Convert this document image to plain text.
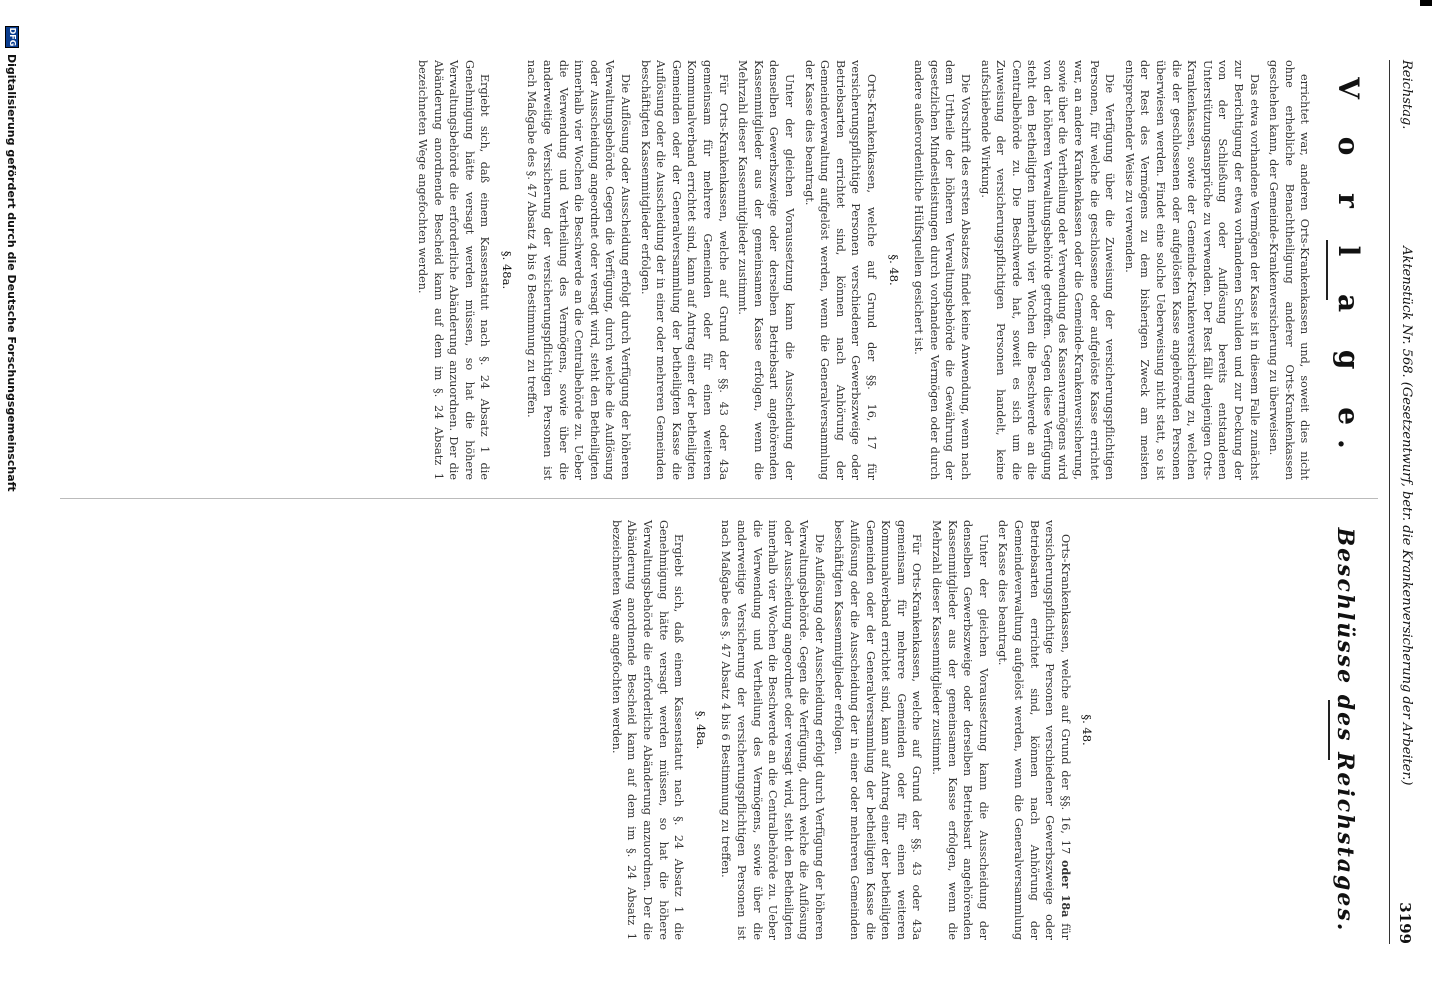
Reichstag.
Aktenstück Nr. 568. (Gesetzentwurf, betr. die Krankenversicherung der Arbeiter.)
3199
V o r l a g e.

errichtet war, anderen Orts-Krankenkassen und, soweit dies nicht ohne erhebliche Benachtheiligung anderer Orts-Krankenkassen geschehen kann, der Gemeinde-Krankenversicherung zu überweisen.

Das etwa vorhandene Vermögen der Kasse ist in diesem Falle zunächst zur Berichtigung der etwa vorhandenen Schulden und zur Deckung der von der Schließung oder Auflösung bereits entstandenen Unterstützungsansprüche zu verwenden. Der Rest fällt denjenigen Orts-Krankenkassen, sowie der Gemeinde-Krankenversicherung zu, welchen die der geschlossenen oder aufgelösten Kasse angehörenden Personen überwiesen werden. Findet eine solche Ueberweisung nicht statt, so ist der Rest des Vermögens zu dem bisherigen Zweck am meisten entsprechender Weise zu verwenden.

Die Verfügung über die Zuweisung der versicherungspflichtigen Personen, für welche die geschlossene oder aufgelöste Kasse errichtet war, an andere Krankenkassen oder die Gemeinde-Krankenversicherung, sowie über die Vertheilung oder Verwendung des Kassenvermögens wird von der höheren Verwaltungsbehörde getroffen. Gegen diese Verfügung steht den Betheiligten innerhalb vier Wochen die Beschwerde an die Centralbehörde zu. Die Beschwerde hat, soweit es sich um die Zuweisung der versicherungspflichtigen Personen handelt, keine aufschiebende Wirkung.

Die Vorschrift des ersten Absatzes findet keine Anwendung, wenn nach dem Urtheile der höheren Verwaltungsbehörde die Gewährung der gesetzlichen Mindestleistungen durch vorhandene Vermögen oder durch andere außerordentliche Hülfsquellen gesichert ist.

§. 48.

Orts-Krankenkassen, welche auf Grund der §§. 16, 17 für versicherungspflichtige Personen verschiedener Gewerbszweige oder Betriebsarten errichtet sind, können nach Anhörung der Gemeindeverwaltung aufgelöst werden, wenn die Generalversammlung der Kasse dies beantragt.

Unter der gleichen Voraussetzung kann die Ausscheidung der denselben Gewerbszweige oder derselben Betriebsart angehörenden Kassenmitglieder aus der gemeinsamen Kasse erfolgen, wenn die Mehrzahl dieser Kassenmitglieder zustimmt.

Für Orts-Krankenkassen, welche auf Grund der §§. 43 oder 43a gemeinsam für mehrere Gemeinden oder für einen weiteren Kommunalverband errichtet sind, kann auf Antrag einer der betheiligten Gemeinden oder der Generalversammlung der betheiligten Kasse die Auflösung oder die Ausscheidung der in einer oder mehreren Gemeinden beschäftigten Kassenmitglieder erfolgen.

Die Auflösung oder Ausscheidung erfolgt durch Verfügung der höheren Verwaltungsbehörde. Gegen die Verfügung, durch welche die Auflösung oder Ausscheidung angeordnet oder versagt wird, steht den Betheiligten innerhalb vier Wochen die Beschwerde an die Centralbehörde zu. Ueber die Verwendung und Vertheilung des Vermögens, sowie über die anderweitige Versicherung der versicherungspflichtigen Personen ist nach Maßgabe des §. 47 Absatz 4 bis 6 Bestimmung zu treffen.

§. 48a.

Ergiebt sich, daß einem Kassenstatut nach §. 24 Absatz 1 die Genehmigung hätte versagt werden müssen, so hat die höhere Verwaltungsbehörde die erforderliche Abänderung anzuordnen. Der die Abänderung anordnende Bescheid kann auf dem im §. 24 Absatz 1 bezeichneten Wege angefochten werden.

Beschlüsse des Reichstages.
§. 48.

Orts-Krankenkassen, welche auf Grund der §§. 16, 17 oder 18a für versicherungspflichtige Personen verschiedener Gewerbszweige oder Betriebsarten errichtet sind, können nach Anhörung der Gemeindeverwaltung aufgelöst werden, wenn die Generalversammlung der Kasse dies beantragt.

Unter der gleichen Voraussetzung kann die Ausscheidung der denselben Gewerbszweige oder derselben Betriebsart angehörenden Kassenmitglieder aus der gemeinsamen Kasse erfolgen, wenn die Mehrzahl dieser Kassenmitglieder zustimmt.

Für Orts-Krankenkassen, welche auf Grund der §§. 43 oder 43a gemeinsam für mehrere Gemeinden oder für einen weiteren Kommunalverband errichtet sind, kann auf Antrag einer der betheiligten Gemeinden oder der Generalversammlung der betheiligten Kasse die Auflösung oder die Ausscheidung der in einer oder mehreren Gemeinden beschäftigten Kassenmitglieder erfolgen.

Die Auflösung oder Ausscheidung erfolgt durch Verfügung der höheren Verwaltungsbehörde. Gegen die Verfügung, durch welche die Auflösung oder Ausscheidung angeordnet oder versagt wird, steht den Betheiligten innerhalb vier Wochen die Beschwerde an die Centralbehörde zu. Ueber die Verwendung und Vertheilung des Vermögens, sowie über die anderweitige Versicherung der versicherungspflichtigen Personen ist nach Maßgabe des §. 47 Absatz 4 bis 6 Bestimmung zu treffen.

§. 48a.

Ergiebt sich, daß einem Kassenstatut nach §. 24 Absatz 1 die Genehmigung hätte versagt werden müssen, so hat die höhere Verwaltungsbehörde die erforderliche Abänderung anzuordnen. Der die Abänderung anordnende Bescheid kann auf dem im §. 24 Absatz 1 bezeichneten Wege angefochten werden.

DFG
Digitalisierung gefördert durch die Deutsche Forschungsgemeinschaft
